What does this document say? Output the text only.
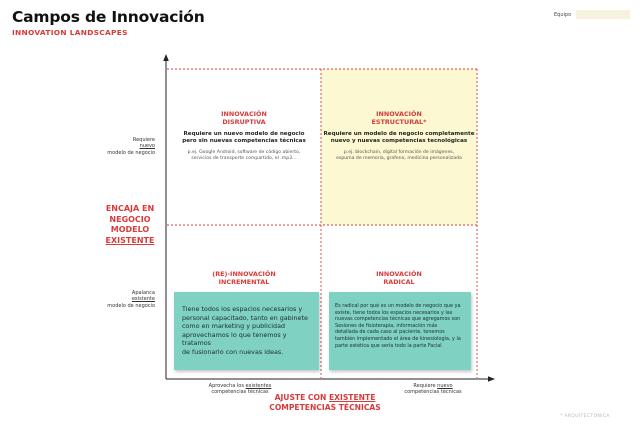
Campos de Innovación
INNOVATION LANDSCAPES
Equipo
INNOVACIÓN
DISRUPTIVA
Requiere un nuevo modelo de negocio
pero sin nuevas competencias técnicas
p.ej. Google Android, software de código abierto,
servicios de transporte compartido, el .mp3…
INNOVACIÓN
ESTRUCTURAL*
Requiere un modelo de negocio completamente
nuevo y nuevas competencias tecnológicas
p.ej. blockchain, digital formación de imágenes,
espuma de memoria, grafeno, medicina personalizada
(RE)-INNOVACIÓN
INCREMENTAL
INNOVACIÓN
RADICAL
Tiene todos los espacios necesarios y
personal capacitado, tanto en gabinete
como en marketing y publicidad
aprovechamos lo que tenemos y tratamos
de fusionarlo con nuevas ideas.
Es radical por qué es un modelo de negocio que ya
existe, tiene todos los espacios necesarios y las
nuevas competencias técnicas que agregamos son
Sesiones de fisioterapia, información más
detallada de cada caso al paciente, tenemos
también implementado el área de kinesiología, y la
parte estética que sería todo la parte Facial
Requiere
nuevo
modelo de negocio
Apalanca
existente
modelo de negocio
ENCAJA EN
NEGOCIO
MODELO
EXISTENTE
Aprovecha los existentes
competencias técnicas
Requiere nuevo
competencias técnicas
AJUSTE CON EXISTENTE
COMPETENCIAS TÉCNICAS
* ARQUITECTÓNICA
